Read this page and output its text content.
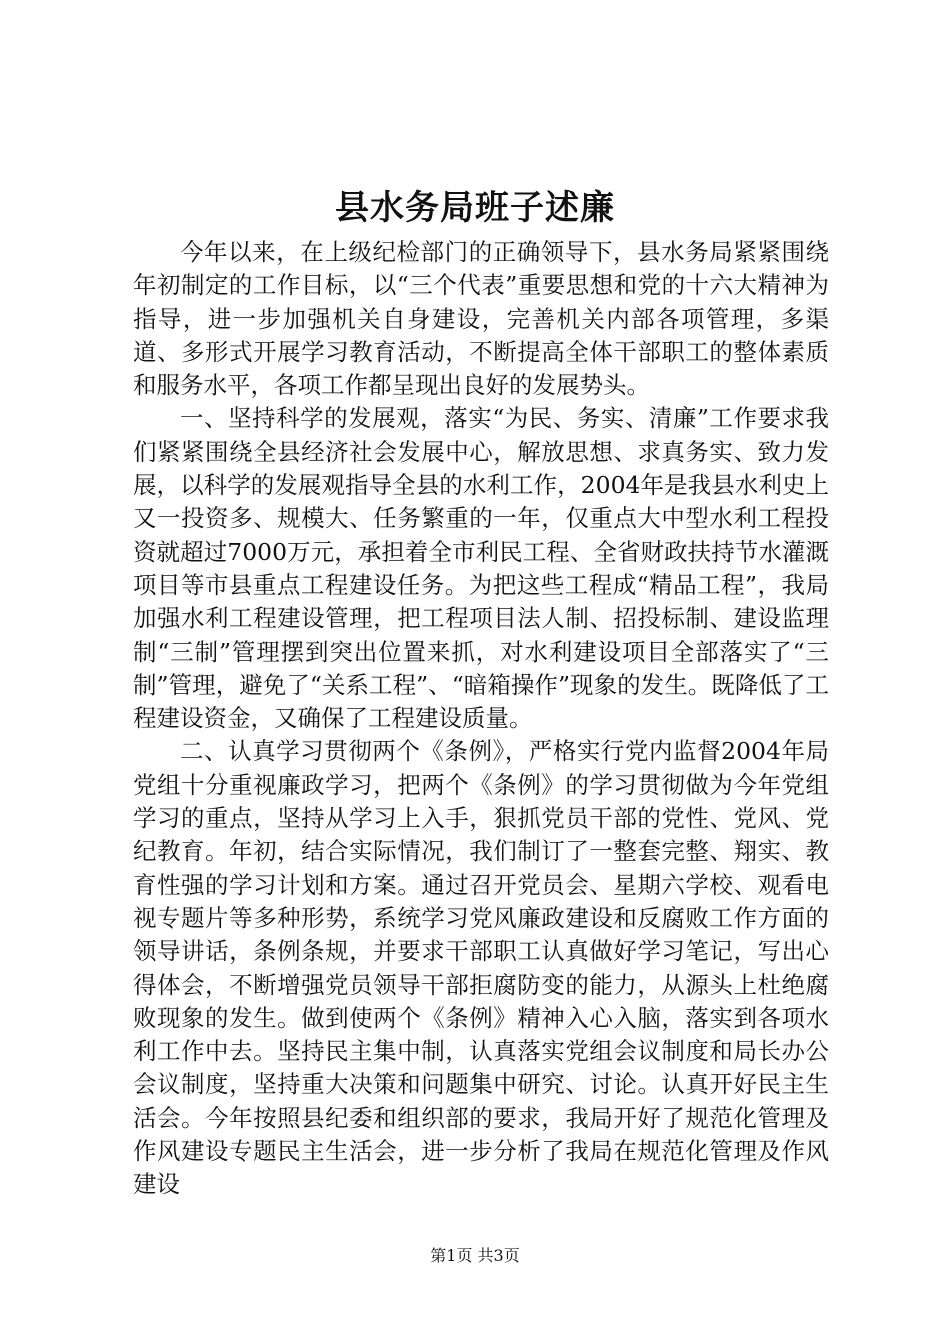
县水务局班子述廉

今年以来，在上级纪检部门的正确领导下，县水务局紧紧围绕年初制定的工作目标，以“三个代表”重要思想和党的十六大精神为指导，进一步加强机关自身建设，完善机关内部各项管理，多渠道、多形式开展学习教育活动，不断提高全体干部职工的整体素质和服务水平，各项工作都呈现出良好的发展势头。

一、坚持科学的发展观，落实“为民、务实、清廉”工作要求我们紧紧围绕全县经济社会发展中心，解放思想、求真务实、致力发展，以科学的发展观指导全县的水利工作，2004年是我县水利史上又一投资多、规模大、任务繁重的一年，仅重点大中型水利工程投资就超过7000万元，承担着全市利民工程、全省财政扶持节水灌溉项目等市县重点工程建设任务。为把这些工程成“精品工程”，我局加强水利工程建设管理，把工程项目法人制、招投标制、建设监理制“三制”管理摆到突出位置来抓，对水利建设项目全部落实了“三制”管理，避免了“关系工程”、“暗箱操作”现象的发生。既降低了工程建设资金，又确保了工程建设质量。

二、认真学习贯彻两个《条例》，严格实行党内监督2004年局党组十分重视廉政学习，把两个《条例》的学习贯彻做为今年党组学习的重点，坚持从学习上入手，狠抓党员干部的党性、党风、党纪教育。年初，结合实际情况，我们制订了一整套完整、翔实、教育性强的学习计划和方案。通过召开党员会、星期六学校、观看电视专题片等多种形势，系统学习党风廉政建设和反腐败工作方面的领导讲话，条例条规，并要求干部职工认真做好学习笔记，写出心得体会，不断增强党员领导干部拒腐防变的能力，从源头上杜绝腐败现象的发生。做到使两个《条例》精神入心入脑，落实到各项水利工作中去。坚持民主集中制，认真落实党组会议制度和局长办公会议制度，坚持重大决策和问题集中研究、讨论。认真开好民主生活会。今年按照县纪委和组织部的要求，我局开好了规范化管理及作风建设专题民主生活会，进一步分析了我局在规范化管理及作风建设

第1页 共3页
